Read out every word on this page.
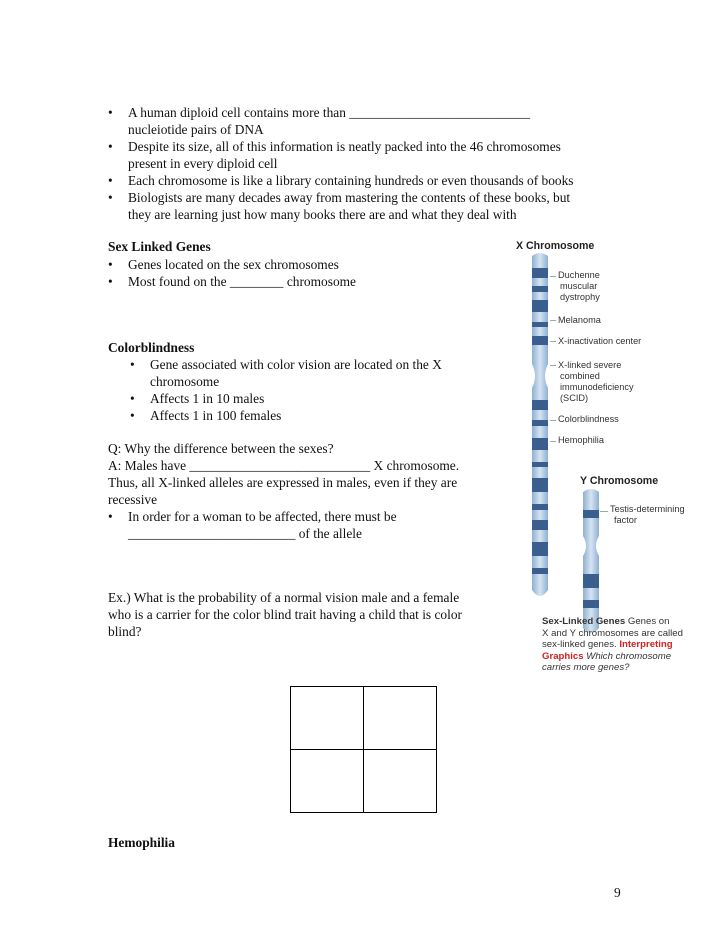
• A human diploid cell contains more than ___________________________
nucleiotide pairs of DNA
• Despite its size, all of this information is neatly packed into the 46 chromosomes
present in every diploid cell
• Each chromosome is like a library containing hundreds or even thousands of books
• Biologists are many decades away from mastering the contents of these books, but
they are learning just how many books there are and what they deal with
Sex Linked Genes
• Genes located on the sex chromosomes
• Most found on the ________ chromosome
Colorblindness
• Gene associated with color vision are located on the X
chromosome
• Affects 1 in 10 males
• Affects 1 in 100 females
Q: Why the difference between the sexes?
A: Males have ___________________________ X chromosome.
Thus, all X-linked alleles are expressed in males, even if they are
recessive
• In order for a woman to be affected, there must be
_________________________ of the allele
Ex.) What is the probability of a normal vision male and a female
who is a carrier for the color blind trait having a child that is color
blind?

Hemophilia
X Chromosome
Duchenne
muscular
dystrophy
Melanoma
X-inactivation center
X-linked severe
combined
immunodeficiency
(SCID)
Colorblindness
Hemophilia
Y Chromosome
Testis-determining
factor
Sex-Linked Genes Genes on
X and Y chromosomes are called
sex-linked genes. Interpreting
Graphics Which chromosome
carries more genes?
9
